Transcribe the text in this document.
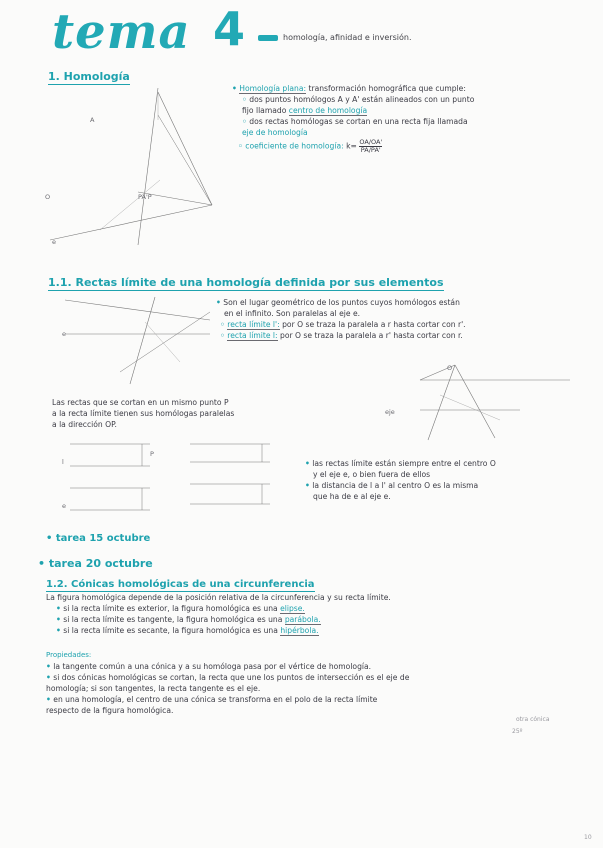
tema 4	homología, afinidad e inversión.
1. Homología
A
PA'P
O
e
• Homología plana: transformación homográfica que cumple:
◦ dos puntos homólogos A y A' están alineados con un punto
fijo llamado centro de homología
◦ dos rectas homólogas se cortan en una recta fija llamada
eje de homología
◦ coeficiente de homología: $k= \frac{OA/OA'}{PA/PA'}$
1.1. Rectas límite de una homología definida por sus elementos
e
• Son el lugar geométrico de los puntos cuyos homólogos están
en el infinito. Son paralelas al eje e.
◦ recta límite l': por O se traza la paralela a r hasta cortar con r'.
◦ recta límite l: por O se traza la paralela a r' hasta cortar con r.
O
eje
Las rectas que se cortan en un mismo punto P
a la recta límite tienen sus homólogas paralelas
a la dirección OP.
l
e
P
• las rectas límite están siempre entre el centro O
y el eje e, o bien fuera de ellos
• la distancia de l a l' al centro O es la misma
que ha de e al eje e.
• tarea 15 octubre
• tarea 20 octubre
1.2. Cónicas homológicas de una circunferencia
La figura homológica depende de la posición relativa de la circunferencia y su recta límite.
• si la recta límite es exterior, la figura homológica es una elipse.
• si la recta límite es tangente, la figura homológica es una parábola.
• si la recta límite es secante, la figura homológica es una hipérbola.
Propiedades:
• la tangente común a una cónica y a su homóloga pasa por el vértice de homología.
• si dos cónicas homológicas se cortan, la recta que une los puntos de intersección es el eje de
homología; si son tangentes, la recta tangente es el eje.
• en una homología, el centro de una cónica se transforma en el polo de la recta límite
respecto de la figura homológica.
otra cónica
25º
10
